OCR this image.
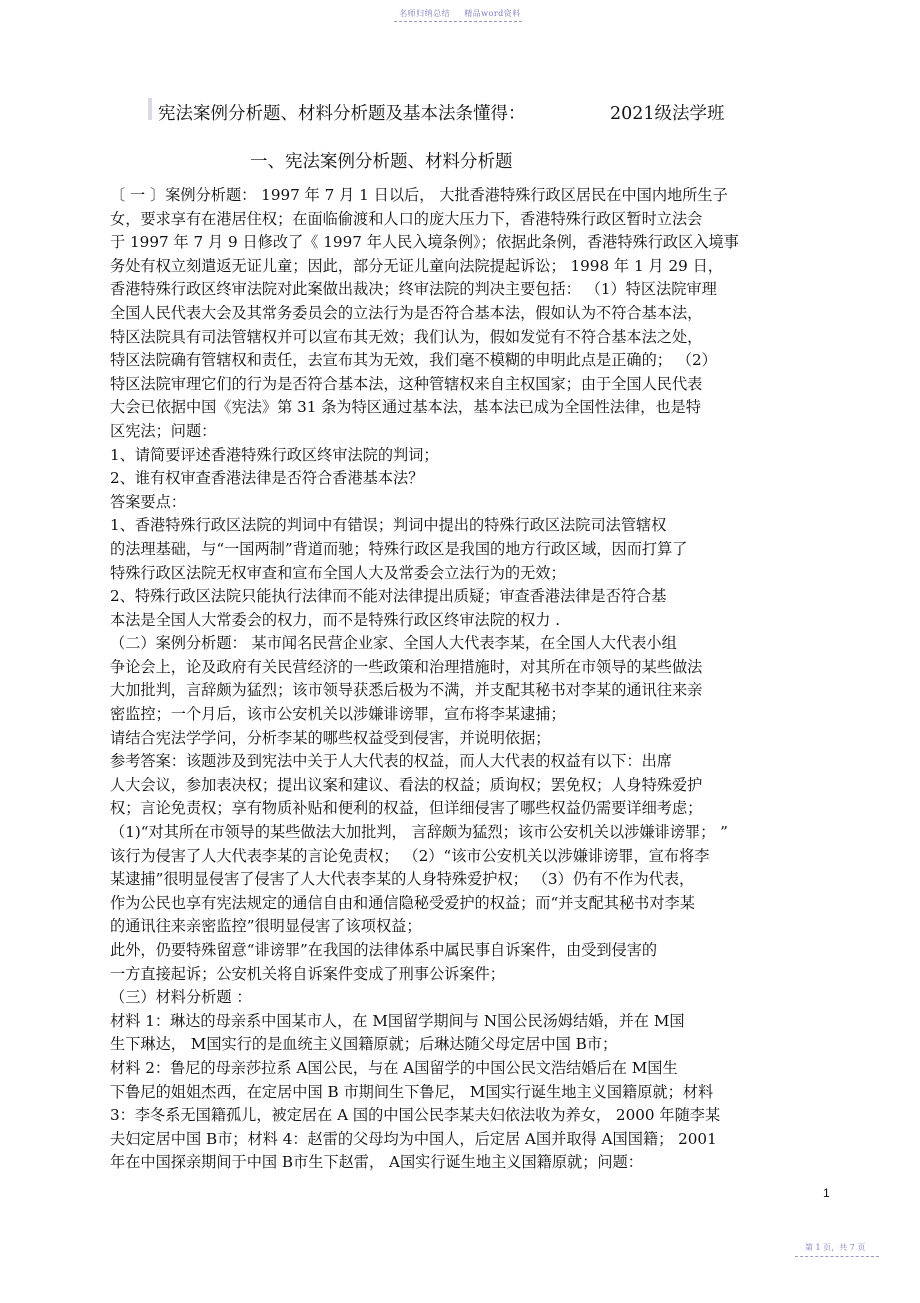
名师归纳总结 精品word资料
宪法案例分析题、材料分析题及基本法条懂得：	2021级法学班
一、宪法案例分析题、材料分析题
〔 一 〕案例分析题： 1997 年 7 月 1 日以后， 大批香港特殊行政区居民在中国内地所生子
女，要求享有在港居住权；在面临偷渡和人口的庞大压力下，香港特殊行政区暂时立法会
于 1997 年 7 月 9 日修改了《 1997 年人民入境条例》；依据此条例，香港特殊行政区入境事
务处有权立刻遣返无证儿童；因此，部分无证儿童向法院提起诉讼； 1998 年 1 月 29 日，
香港特殊行政区终审法院对此案做出裁决；终审法院的判决主要包括： （1）特区法院审理
全国人民代表大会及其常务委员会的立法行为是否符合基本法，假如认为不符合基本法，
特区法院具有司法管辖权并可以宣布其无效；我们认为，假如发觉有不符合基本法之处，
特区法院确有管辖权和责任，去宣布其为无效，我们毫不模糊的申明此点是正确的； （2）
特区法院审理它们的行为是否符合基本法，这种管辖权来自主权国家；由于全国人民代表
大会已依据中国《宪法》第 31 条为特区通过基本法，基本法已成为全国性法律，也是特
区宪法；问题：
1、请简要评述香港特殊行政区终审法院的判词；
2、谁有权审查香港法律是否符合香港基本法？
答案要点：
1、香港特殊行政区法院的判词中有错误；判词中提出的特殊行政区法院司法管辖权
的法理基础，与“一国两制”背道而驰；特殊行政区是我国的地方行政区域，因而打算了
特殊行政区法院无权审查和宣布全国人大及常委会立法行为的无效；
2、特殊行政区法院只能执行法律而不能对法律提出质疑；审查香港法律是否符合基
本法是全国人大常委会的权力，而不是特殊行政区终审法院的权力 .
（二）案例分析题： 某市闻名民营企业家、全国人大代表李某，在全国人大代表小组
争论会上，论及政府有关民营经济的一些政策和治理措施时，对其所在市领导的某些做法
大加批判，言辞颇为猛烈；该市领导获悉后极为不满，并支配其秘书对李某的通讯往来亲
密监控；一个月后，该市公安机关以涉嫌诽谤罪，宣布将李某逮捕；
请结合宪法学学问，分析李某的哪些权益受到侵害，并说明依据；
参考答案：该题涉及到宪法中关于人大代表的权益，而人大代表的权益有以下：出席
人大会议，参加表决权；提出议案和建议、看法的权益；质询权；罢免权；人身特殊爱护
权；言论免责权；享有物质补贴和便利的权益，但详细侵害了哪些权益仍需要详细考虑；
（1)“对其所在市领导的某些做法大加批判， 言辞颇为猛烈；该市公安机关以涉嫌诽谤罪； ”
该行为侵害了人大代表李某的言论免责权； （2）“该市公安机关以涉嫌诽谤罪，宣布将李
某逮捕”很明显侵害了侵害了人大代表李某的人身特殊爱护权； （3）仍有不作为代表，
作为公民也享有宪法规定的通信自由和通信隐秘受爱护的权益；而“并支配其秘书对李某
的通讯往来亲密监控”很明显侵害了该项权益；
此外，仍要特殊留意“诽谤罪”在我国的法律体系中属民事自诉案件，由受到侵害的
一方直接起诉；公安机关将自诉案件变成了刑事公诉案件；
（三）材料分析题 ：
材料 1：琳达的母亲系中国某市人，在 M国留学期间与 N国公民汤姆结婚，并在 M国
生下琳达， M国实行的是血统主义国籍原就；后琳达随父母定居中国 B市；
材料 2：鲁尼的母亲莎拉系 A国公民，与在 A国留学的中国公民文浩结婚后在 M国生
下鲁尼的姐姐杰西，在定居中国 B 市期间生下鲁尼， M国实行诞生地主义国籍原就；材料
3：李冬系无国籍孤儿，被定居在 A 国的中国公民李某夫妇依法收为养女， 2000 年随李某
夫妇定居中国 B市；材料 4：赵雷的父母均为中国人，后定居 A国并取得 A国国籍； 2001
年在中国探亲期间于中国 B市生下赵雷， A国实行诞生地主义国籍原就；问题：
1
第 1 页，共 7 页
